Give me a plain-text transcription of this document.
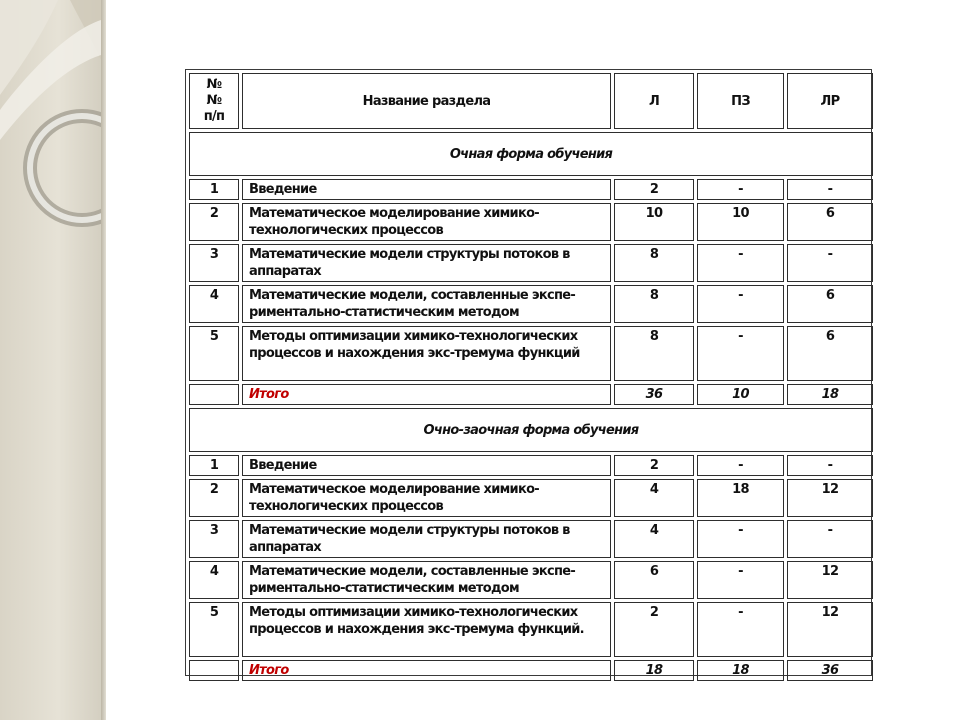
№
№
п/п	Название раздела	Л	ПЗ	ЛР
Очная форма обучения				
1	Введение	2	-	-
2	Математическое моделирование химико-технологических процессов	10	10	6
3	Математические модели структуры потоков в аппаратах	8	-	-
4	Математические модели, составленные экспе-риментально-статистическим методом	8	-	6
5	Методы оптимизации химико-технологических процессов и нахождения экс-тремума функций	8	-	6
	Итого	36	10	18
Очно-заочная форма обучения				
1	Введение	2	-	-
2	Математическое моделирование химико-технологических процессов	4	18	12
3	Математические модели структуры потоков в аппаратах	4	-	-
4	Математические модели, составленные экспе-риментально-статистическим методом	6	-	12
5	Методы оптимизации химико-технологических процессов и нахождения экс-тремума функций.	2	-	12
	Итого	18	18	36
